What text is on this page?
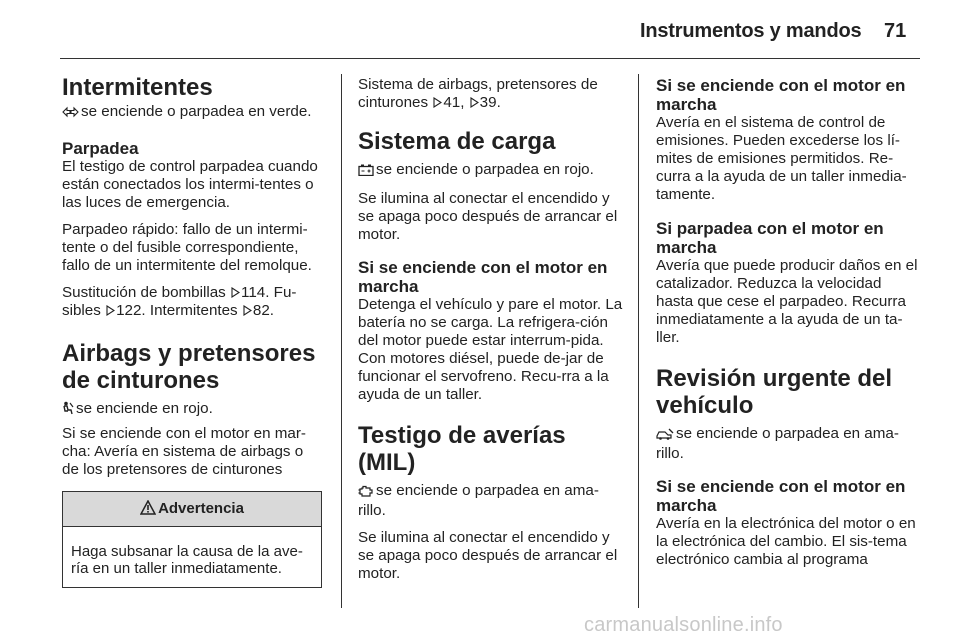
Instrumentos y mandos 71
Intermitentes

se enciende o parpadea en verde.

Parpadea

El testigo de control parpadea cuando están conectados los intermi-tentes o las luces de emergencia.

Parpadeo rápido: fallo de un intermi-tente o del fusible correspondiente, fallo de un intermitente del remolque.

Sustitución de bombillas 114. Fu-sibles 122. Intermitentes 82.

Airbags y pretensores de cinturones

se enciende en rojo.

Si se enciende con el motor en mar-cha: Avería en sistema de airbags o de los pretensores de cinturones

Advertencia
Haga subsanar la causa de la ave-ría en un taller inmediatamente.

Sistema de airbags, pretensores de cinturones 41, 39.

Sistema de carga

se enciende o parpadea en rojo.

Se ilumina al conectar el encendido y se apaga poco después de arrancar el motor.

Si se enciende con el motor en marcha

Detenga el vehículo y pare el motor. La batería no se carga. La refrigera-ción del motor puede estar interrum-pida. Con motores diésel, puede de-jar de funcionar el servofreno. Recu-rra a la ayuda de un taller.

Testigo de averías (MIL)

se enciende o parpadea en ama-rillo.

Se ilumina al conectar el encendido y se apaga poco después de arrancar el motor.

Si se enciende con el motor en marcha

Avería en el sistema de control de emisiones. Pueden excederse los lí-mites de emisiones permitidos. Re-curra a la ayuda de un taller inmedia-tamente.

Si parpadea con el motor en marcha

Avería que puede producir daños en el catalizador. Reduzca la velocidad hasta que cese el parpadeo. Recurra inmediatamente a la ayuda de un ta-ller.

Revisión urgente del vehículo

se enciende o parpadea en ama-rillo.

Si se enciende con el motor en marcha

Avería en la electrónica del motor o en la electrónica del cambio. El sis-tema electrónico cambia al programa

carmanualsonline.info
